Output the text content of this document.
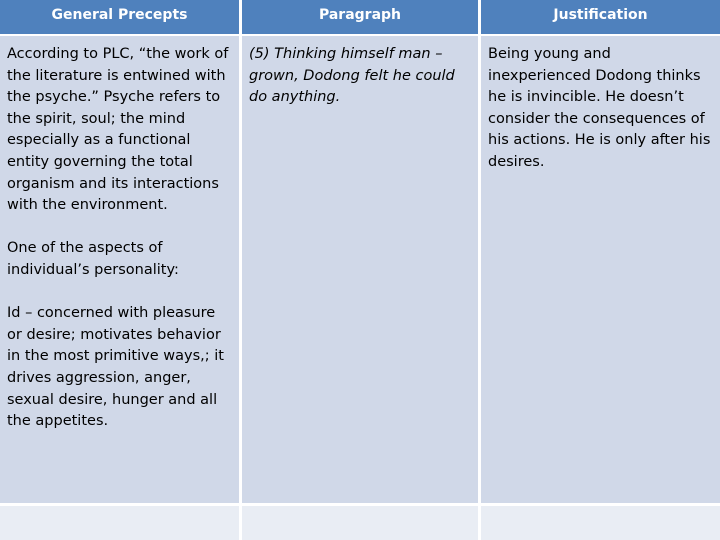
General Precepts	Paragraph	Justification

According to PLC, “the work of the literature is entwined with the psyche.” Psyche refers to the spirit, soul; the mind especially as a functional entity governing the total organism and its interactions with the environment.

One of the aspects of individual’s personality:

Id – concerned with pleasure or desire; motivates behavior in the most primitive ways,; it drives aggression, anger, sexual desire, hunger and all the appetites.

(5) Thinking himself man – grown, Dodong felt he could do anything.

Being young and inexperienced Dodong thinks he is invincible. He doesn’t consider the consequences of his actions. He is only after his desires.
